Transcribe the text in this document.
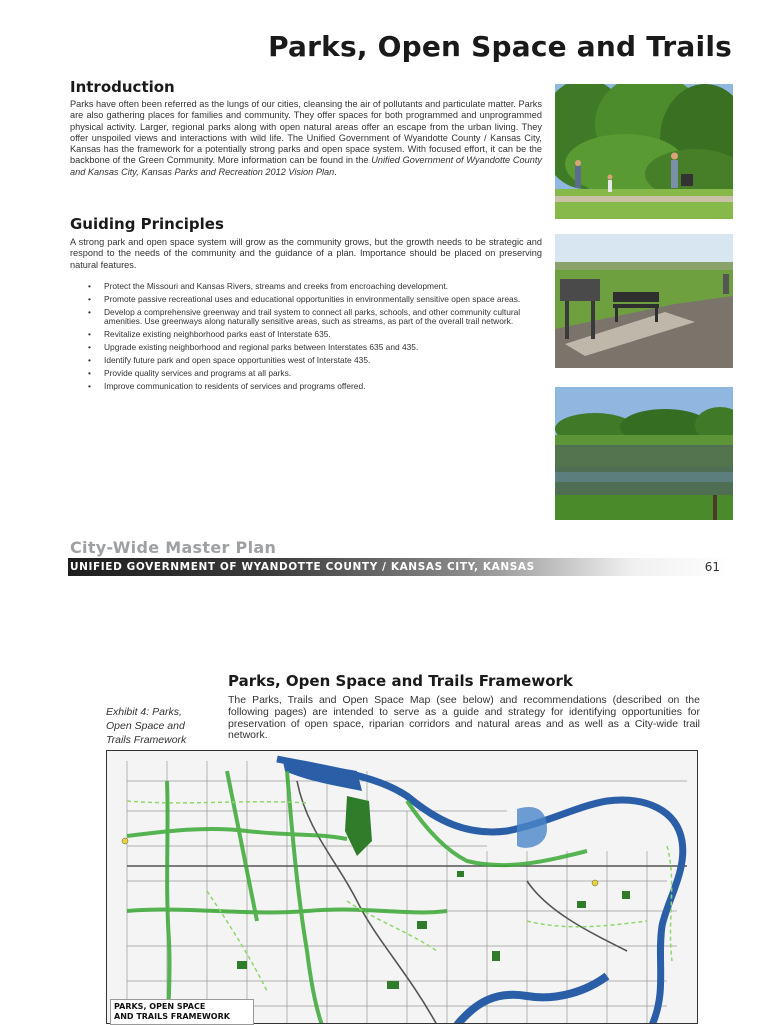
Parks, Open Space and Trails
Introduction
Parks have often been referred as the lungs of our cities, cleansing the air of pollutants and particulate matter. Parks are also gathering places for families and community. They offer spaces for both programmed and unprogrammed physical activity. Larger, regional parks along with open natural areas offer an escape from the urban living. They offer unspoiled views and interactions with wild life. The Unified Government of Wyandotte County / Kansas City, Kansas has the framework for a potentially strong parks and open space system. With focused effort, it can be the backbone of the Green Community. More information can be found in the Unified Government of Wyandotte County and Kansas City, Kansas Parks and Recreation 2012 Vision Plan.
Guiding Principles
A strong park and open space system will grow as the community grows, but the growth needs to be strategic and respond to the needs of the community and the guidance of a plan. Importance should be placed on preserving natural features.
• Protect the Missouri and Kansas Rivers, streams and creeks from encroaching development.
• Promote passive recreational uses and educational opportunities in environmentally sensitive open space areas.
• Develop a comprehensive greenway and trail system to connect all parks, schools, and other community cultural amenities. Use greenways along naturally sensitive areas, such as streams, as part of the overall trail network.
• Revitalize existing neighborhood parks east of Interstate 635.
• Upgrade existing neighborhood and regional parks between Interstates 635 and 435.
• Identify future park and open space opportunities west of Interstate 435.
• Provide quality services and programs at all parks.
• Improve communication to residents of services and programs offered.
City-Wide Master Plan
UNIFIED GOVERNMENT OF WYANDOTTE COUNTY / KANSAS CITY, KANSAS	61
Parks, Open Space and Trails Framework
Exhibit 4: Parks, Open Space and Trails Framework
The Parks, Trails and Open Space Map (see below) and recommendations (described on the following pages) are intended to serve as a guide and strategy for identifying opportunities for preservation of open space, riparian corridors and natural areas and as well as a City-wide trail network.
PARKS, OPEN SPACE
AND TRAILS FRAMEWORK
